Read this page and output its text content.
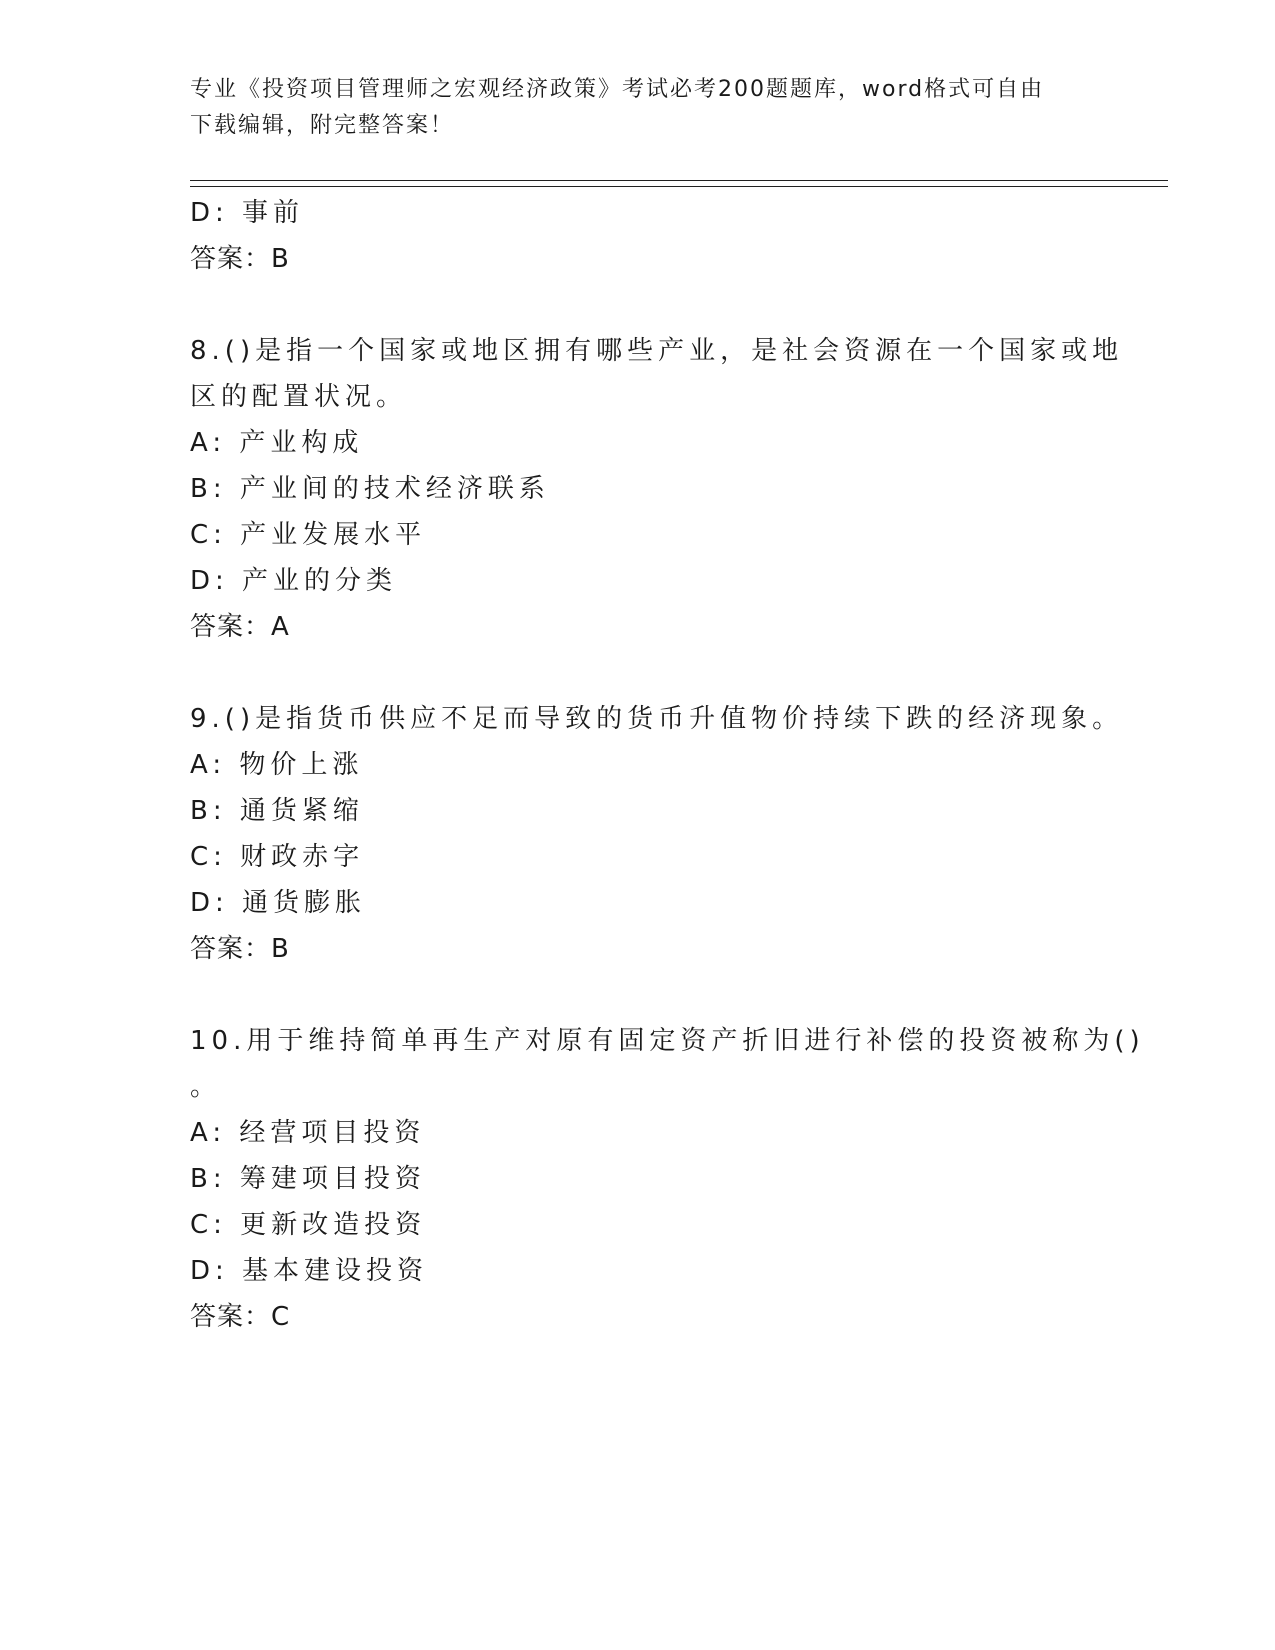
专业《投资项目管理师之宏观经济政策》考试必考200题题库，word格式可自由
下载编辑，附完整答案！
D: 事前
答案：B
8.()是指一个国家或地区拥有哪些产业，是社会资源在一个国家或地
区的配置状况。
A: 产业构成
B: 产业间的技术经济联系
C: 产业发展水平
D: 产业的分类
答案：A
9.()是指货币供应不足而导致的货币升值物价持续下跌的经济现象。
A: 物价上涨
B: 通货紧缩
C: 财政赤字
D: 通货膨胀
答案：B
10.用于维持简单再生产对原有固定资产折旧进行补偿的投资被称为()
。
A: 经营项目投资
B: 筹建项目投资
C: 更新改造投资
D: 基本建设投资
答案：C
